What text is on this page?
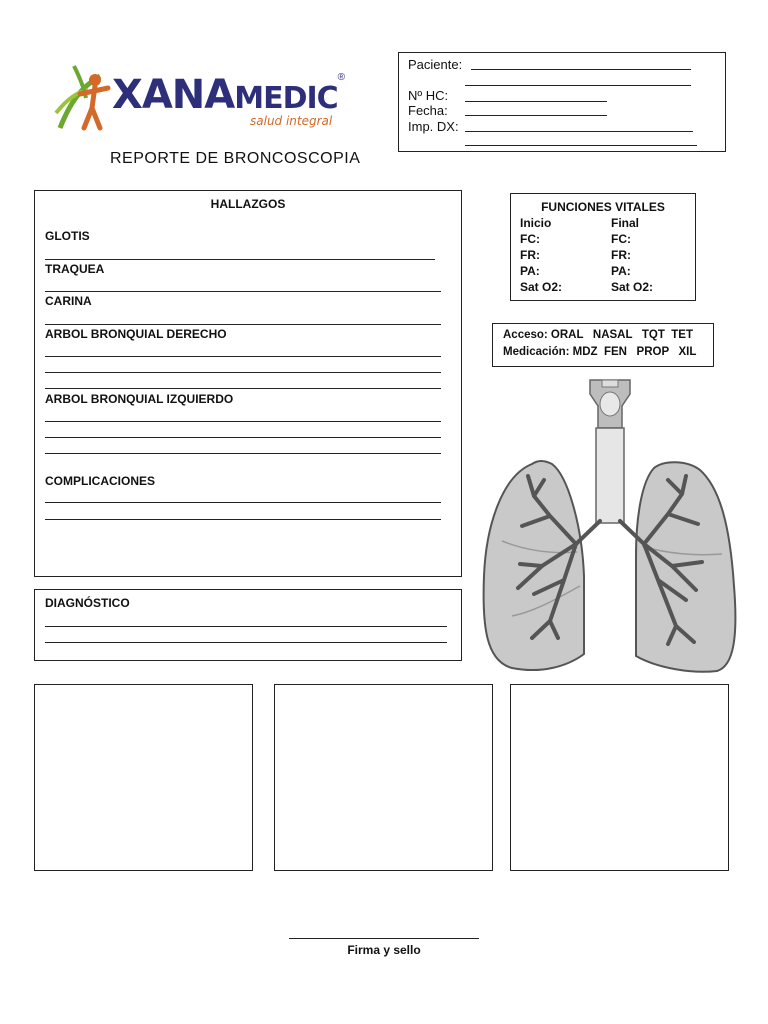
XANAMEDIC®
salud integral
REPORTE DE BRONCOSCOPIA
Paciente:
Nº HC:
Fecha:
Imp. DX:
HALLAZGOS
GLOTIS
TRAQUEA
CARINA
ARBOL BRONQUIAL DERECHO
ARBOL BRONQUIAL IZQUIERDO
COMPLICACIONES
FUNCIONES VITALES
Inicio	Final
FC:	FC:
FR:	FR:
PA:	PA:
Sat O2:	Sat O2:
Acceso: ORAL   NASAL   TQT  TET
Medicación: MDZ  FEN   PROP   XIL
DIAGNÓSTICO
Firma y sello
